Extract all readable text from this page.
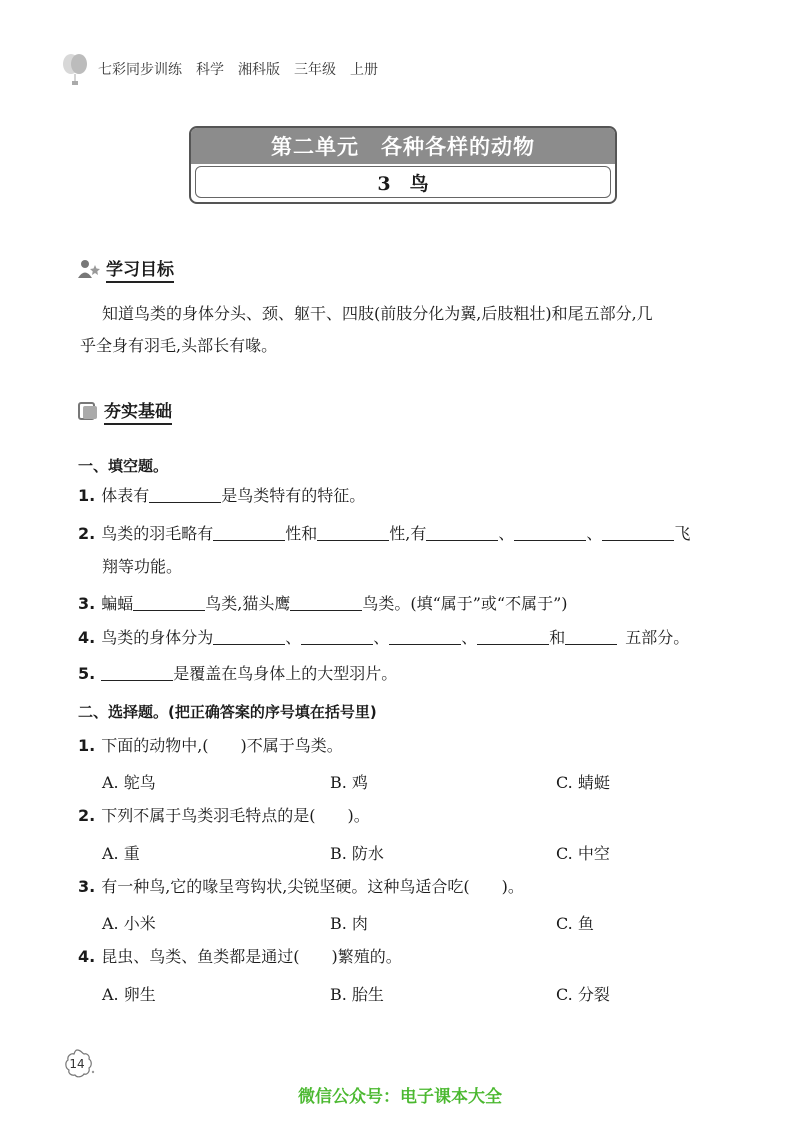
七彩同步训练 科学 湘科版 三年级 上册
第二单元　各种各样的动物
3　鸟
学习目标
知道鸟类的身体分头、颈、躯干、四肢(前肢分化为翼,后肢粗壮)和尾五部分,几
乎全身有羽毛,头部长有喙。
夯实基础
一、填空题。
1. 体表有	是鸟类特有的特征。
2. 鸟类的羽毛略有	性和	性,有	、	、	飞
翔等功能。
3. 蝙蝠	鸟类,猫头鹰	鸟类。(填“属于”或“不属于”)
4. 鸟类的身体分为	、	、	、	和	五部分。
5.	是覆盖在鸟身体上的大型羽片。
二、选择题。(把正确答案的序号填在括号里)
1. 下面的动物中,(　　)不属于鸟类。
A. 鸵鸟	B. 鸡	C. 蜻蜓
2. 下列不属于鸟类羽毛特点的是(　　)。
A. 重	B. 防水	C. 中空
3. 有一种鸟,它的喙呈弯钩状,尖锐坚硬。这种鸟适合吃(　　)。
A. 小米	B. 肉	C. 鱼
4. 昆虫、鸟类、鱼类都是通过(　　)繁殖的。
A. 卵生	B. 胎生	C. 分裂
14
微信公众号：电子课本大全
